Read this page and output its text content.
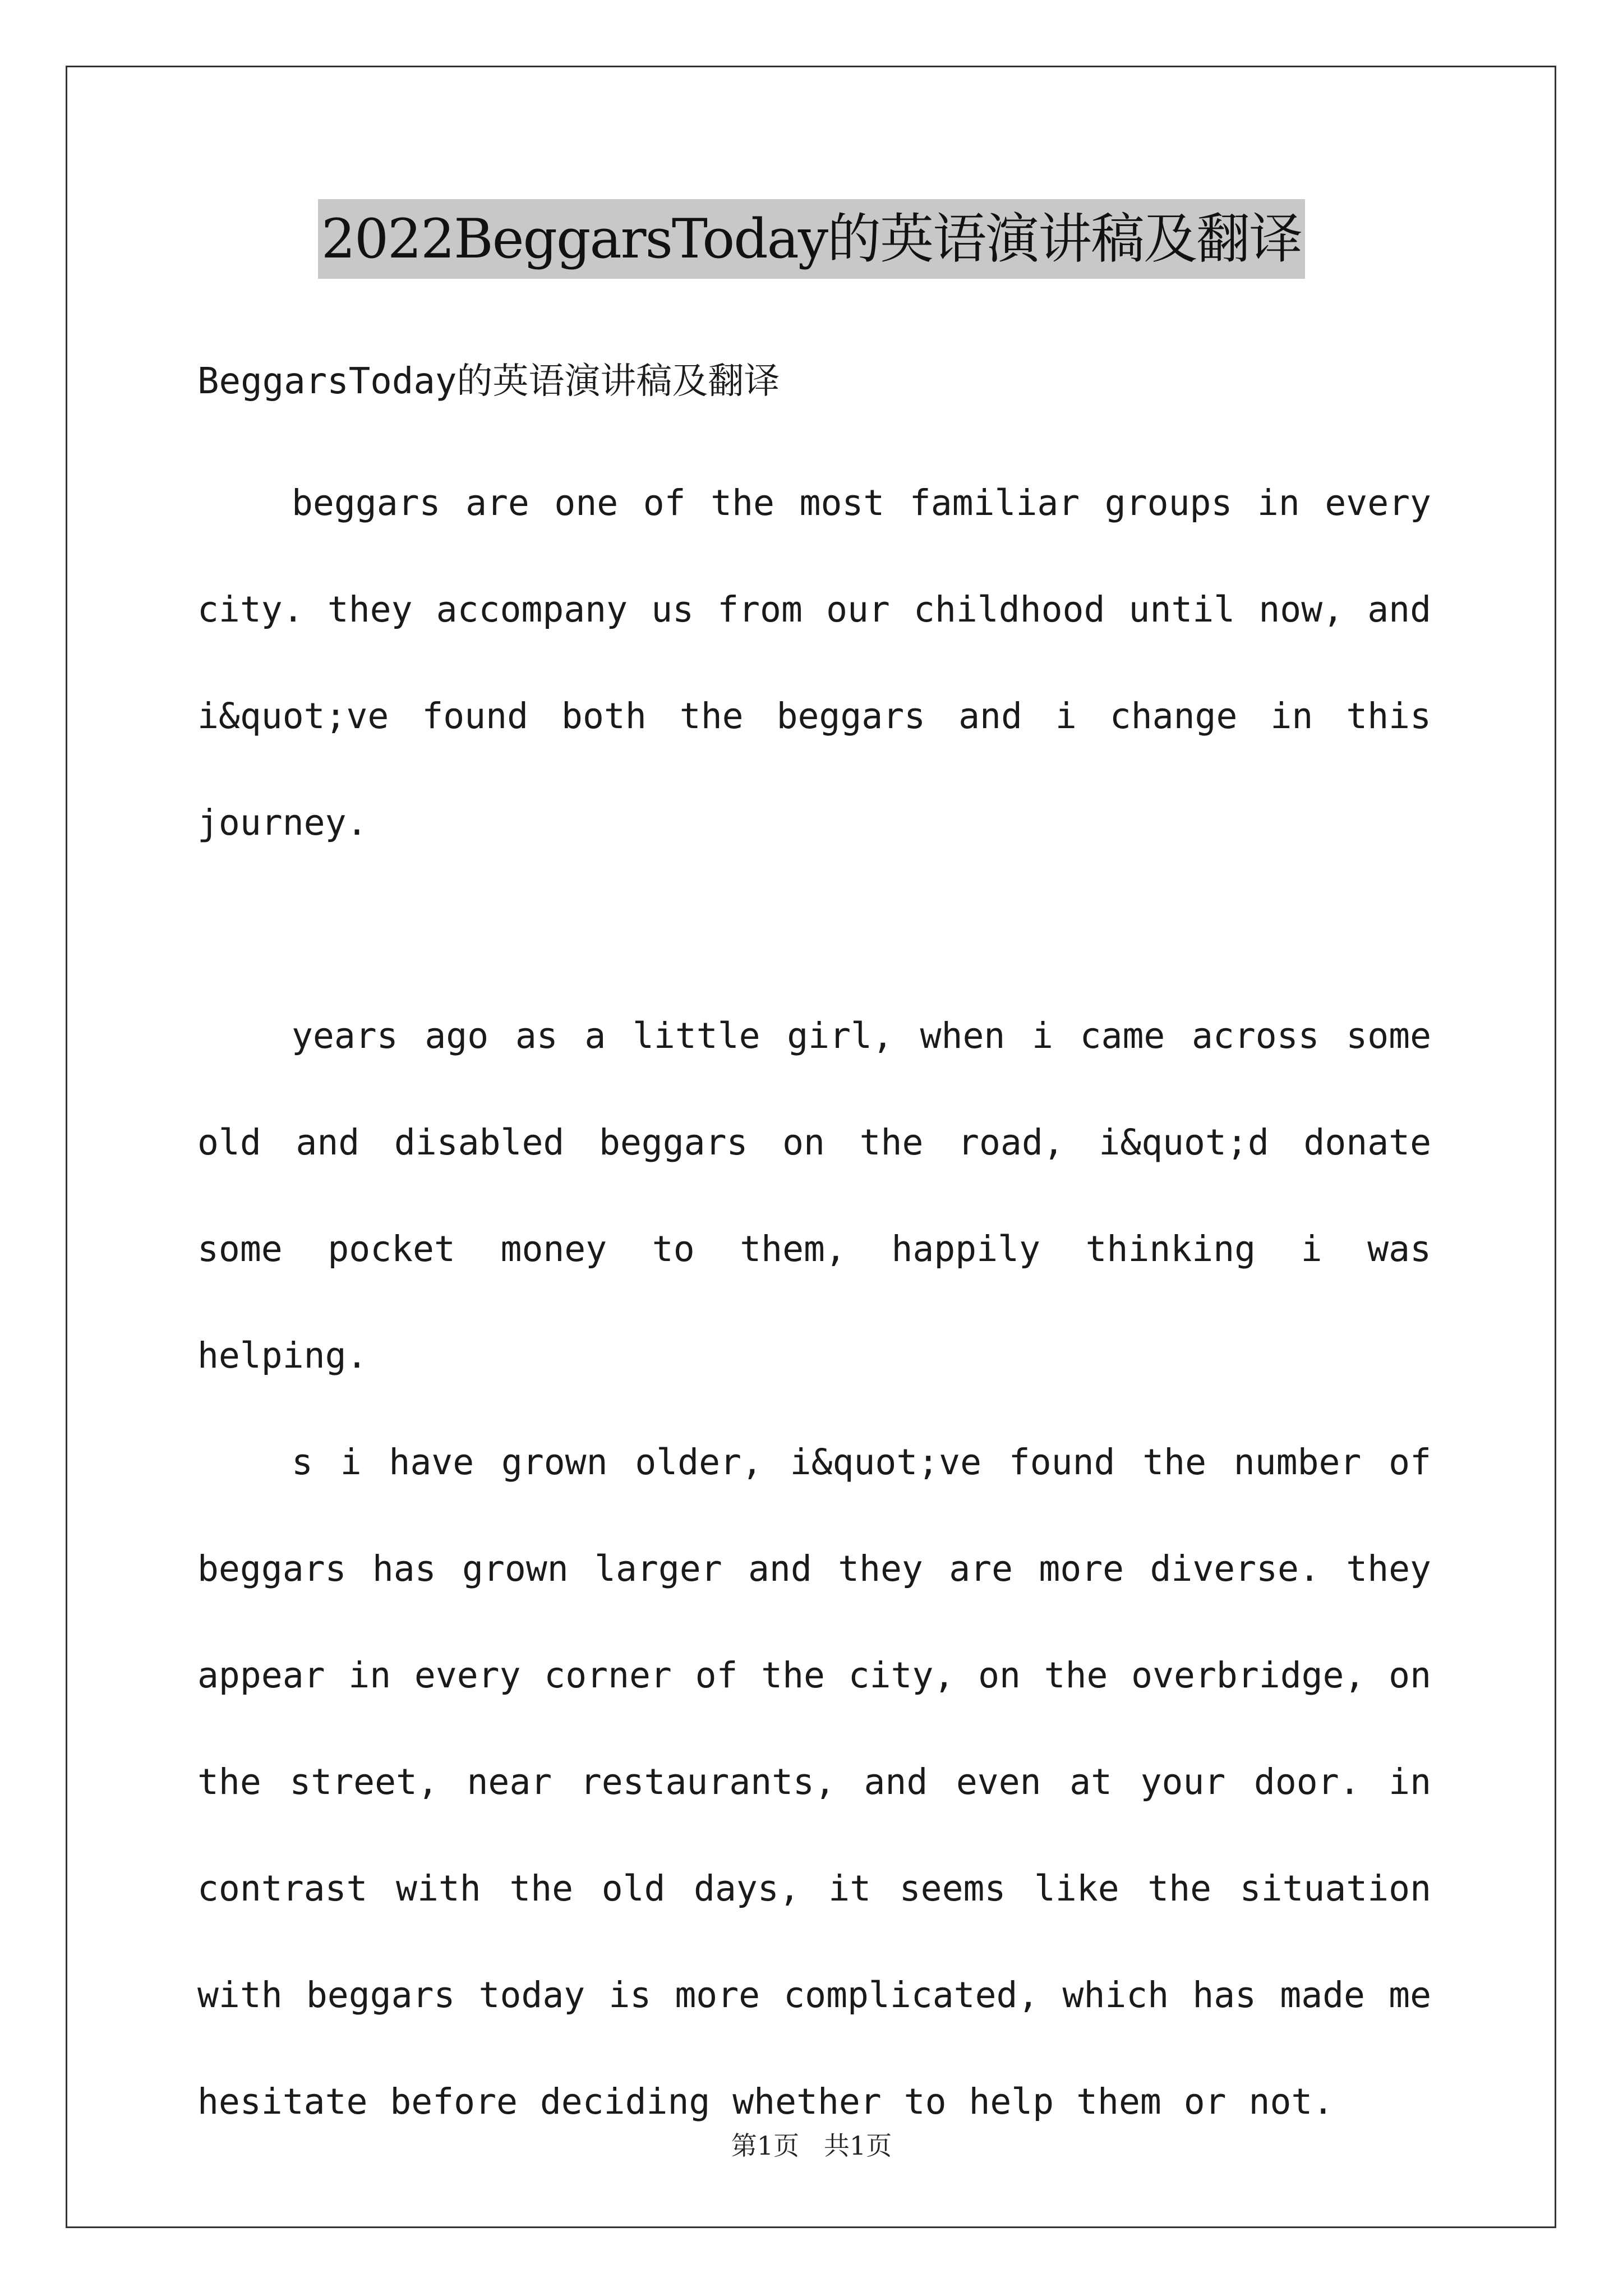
2022BeggarsToday的英语演讲稿及翻译
BeggarsToday的英语演讲稿及翻译

beggars are one of the most familiar groups in every city. they accompany us from our childhood until now, and i&quot;ve found both the beggars and i change in this journey.

years ago as a little girl, when i came across some old and disabled beggars on the road, i&quot;d donate some pocket money to them, happily thinking i was helping.

s i have grown older, i&quot;ve found the number of beggars has grown larger and they are more diverse. they appear in every corner of the city, on the overbridge, on the street, near restaurants, and even at your door. in contrast with the old days, it seems like the situation with beggars today is more complicated, which has made me hesitate before deciding whether to help them or not.

第1页   共1页
